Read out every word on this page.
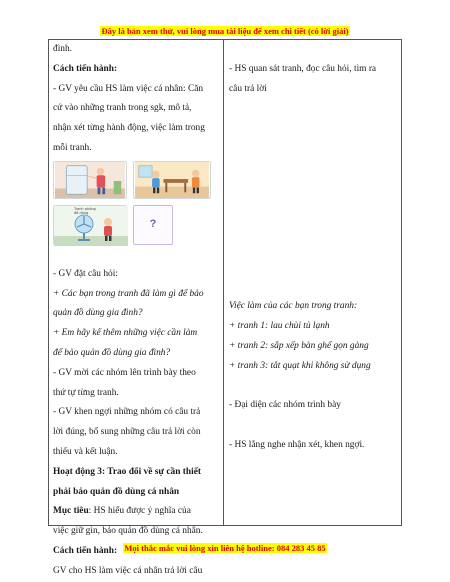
Đây là bản xem thử, vui lòng mua tài liệu để xem chi tiết (có lời giải)
đình.
Cách tiến hành:
- GV yêu cầu HS làm việc cá nhân: Căn
cứ vào những tranh trong sgk, mô tả,
nhận xét từng hành động, việc làm trong
mỗi tranh.
Tranh phòng
đồ dùng
?
- GV đặt câu hỏi:
+ Các bạn trong tranh đã làm gì để bảo
quản đồ dùng gia đình?
+ Em hãy kể thêm những việc cần làm
để bảo quản đồ dùng gia đình?
- GV mời các nhóm lên trình bày theo
thứ tự từng tranh.
- GV khen ngợi những nhóm có câu trả
lời đúng, bổ sung những câu trả lời còn
thiếu và kết luận.
Hoạt động 3: Trao đổi về sự cần thiết
phải bảo quản đồ dùng cá nhân
Mục tiêu: HS hiểu được ý nghĩa của
việc giữ gìn, bảo quản đồ dùng cá nhân.
Cách tiến hành:
GV cho HS làm việc cá nhân trả lời câu
- HS quan sát tranh, đọc câu hỏi, tìm ra
câu trả lời
Việc làm của các bạn trong tranh:
+ tranh 1: lau chùi tủ lạnh
+ tranh 2: sắp xếp bàn ghế gọn gàng
+ tranh 3: tắt quạt khi không sử dụng
- Đại diện các nhóm trình bày
- HS lắng nghe nhận xét, khen ngợi.
Mọi thắc mắc vui lòng xin liên hệ hotline: 084 283 45 85
